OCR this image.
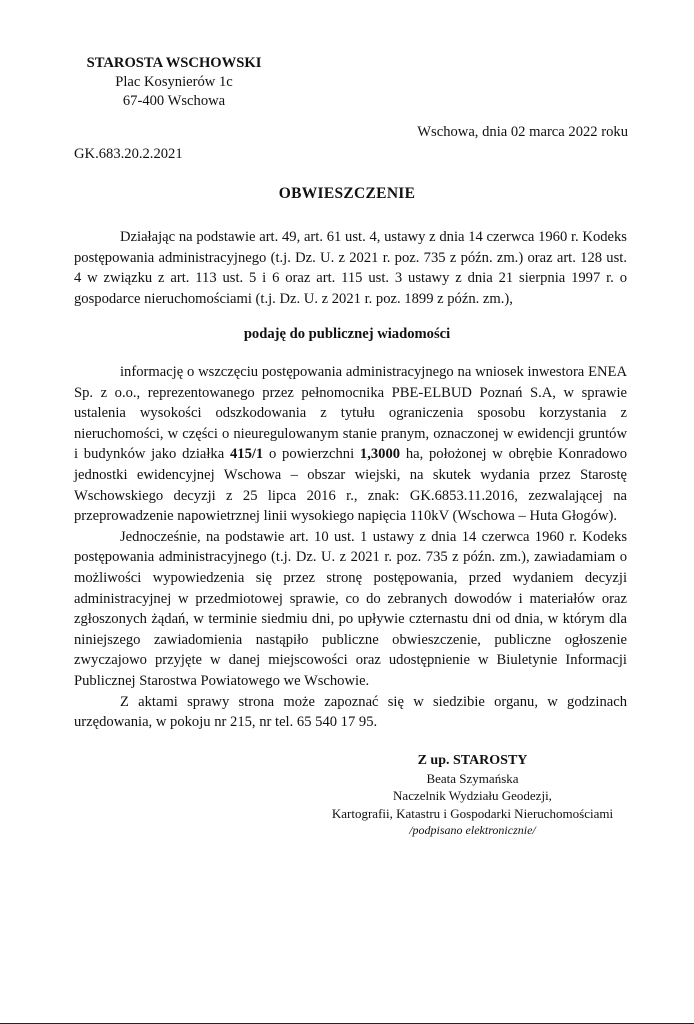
STAROSTA WSCHOWSKI
Plac Kosynierów 1c
67-400 Wschowa
Wschowa, dnia 02 marca 2022 roku
GK.683.20.2.2021
OBWIESZCZENIE

Działając na podstawie art. 49, art. 61 ust. 4, ustawy z dnia 14 czerwca 1960 r. Kodeks postępowania administracyjnego (t.j. Dz. U. z 2021 r. poz. 735 z późn. zm.) oraz art. 128 ust. 4 w związku z art. 113 ust. 5 i 6 oraz art. 115 ust. 3 ustawy z dnia 21 sierpnia 1997 r. o gospodarce nieruchomościami (t.j. Dz. U. z 2021 r. poz. 1899 z późn. zm.),

podaję do publicznej wiadomości

informację o wszczęciu postępowania administracyjnego na wniosek inwestora ENEA Sp. z o.o., reprezentowanego przez pełnomocnika PBE-ELBUD Poznań S.A, w sprawie ustalenia wysokości odszkodowania z tytułu ograniczenia sposobu korzystania z nieruchomości, w części o nieuregulowanym stanie pranym, oznaczonej w ewidencji gruntów i budynków jako działka 415/1 o powierzchni 1,3000 ha, położonej w obrębie Konradowo jednostki ewidencyjnej Wschowa – obszar wiejski, na skutek wydania przez Starostę Wschowskiego decyzji z 25 lipca 2016 r., znak: GK.6853.11.2016, zezwalającej na przeprowadzenie napowietrznej linii wysokiego napięcia 110kV (Wschowa – Huta Głogów).

Jednocześnie, na podstawie art. 10 ust. 1 ustawy z dnia 14 czerwca 1960 r. Kodeks postępowania administracyjnego (t.j. Dz. U. z 2021 r. poz. 735 z późn. zm.), zawiadamiam o możliwości wypowiedzenia się przez stronę postępowania, przed wydaniem decyzji administracyjnej w przedmiotowej sprawie, co do zebranych dowodów i materiałów oraz zgłoszonych żądań, w terminie siedmiu dni, po upływie czternastu dni od dnia, w którym dla niniejszego zawiadomienia nastąpiło publiczne obwieszczenie, publiczne ogłoszenie zwyczajowo przyjęte w danej miejscowości oraz udostępnienie w Biuletynie Informacji Publicznej Starostwa Powiatowego we Wschowie.

Z aktami sprawy strona może zapoznać się w siedzibie organu, w godzinach urzędowania, w pokoju nr 215, nr tel. 65 540 17 95.

Z up. STAROSTY
Beata Szymańska
Naczelnik Wydziału Geodezji,
Kartografii, Katastru i Gospodarki Nieruchomościami
/podpisano elektronicznie/
